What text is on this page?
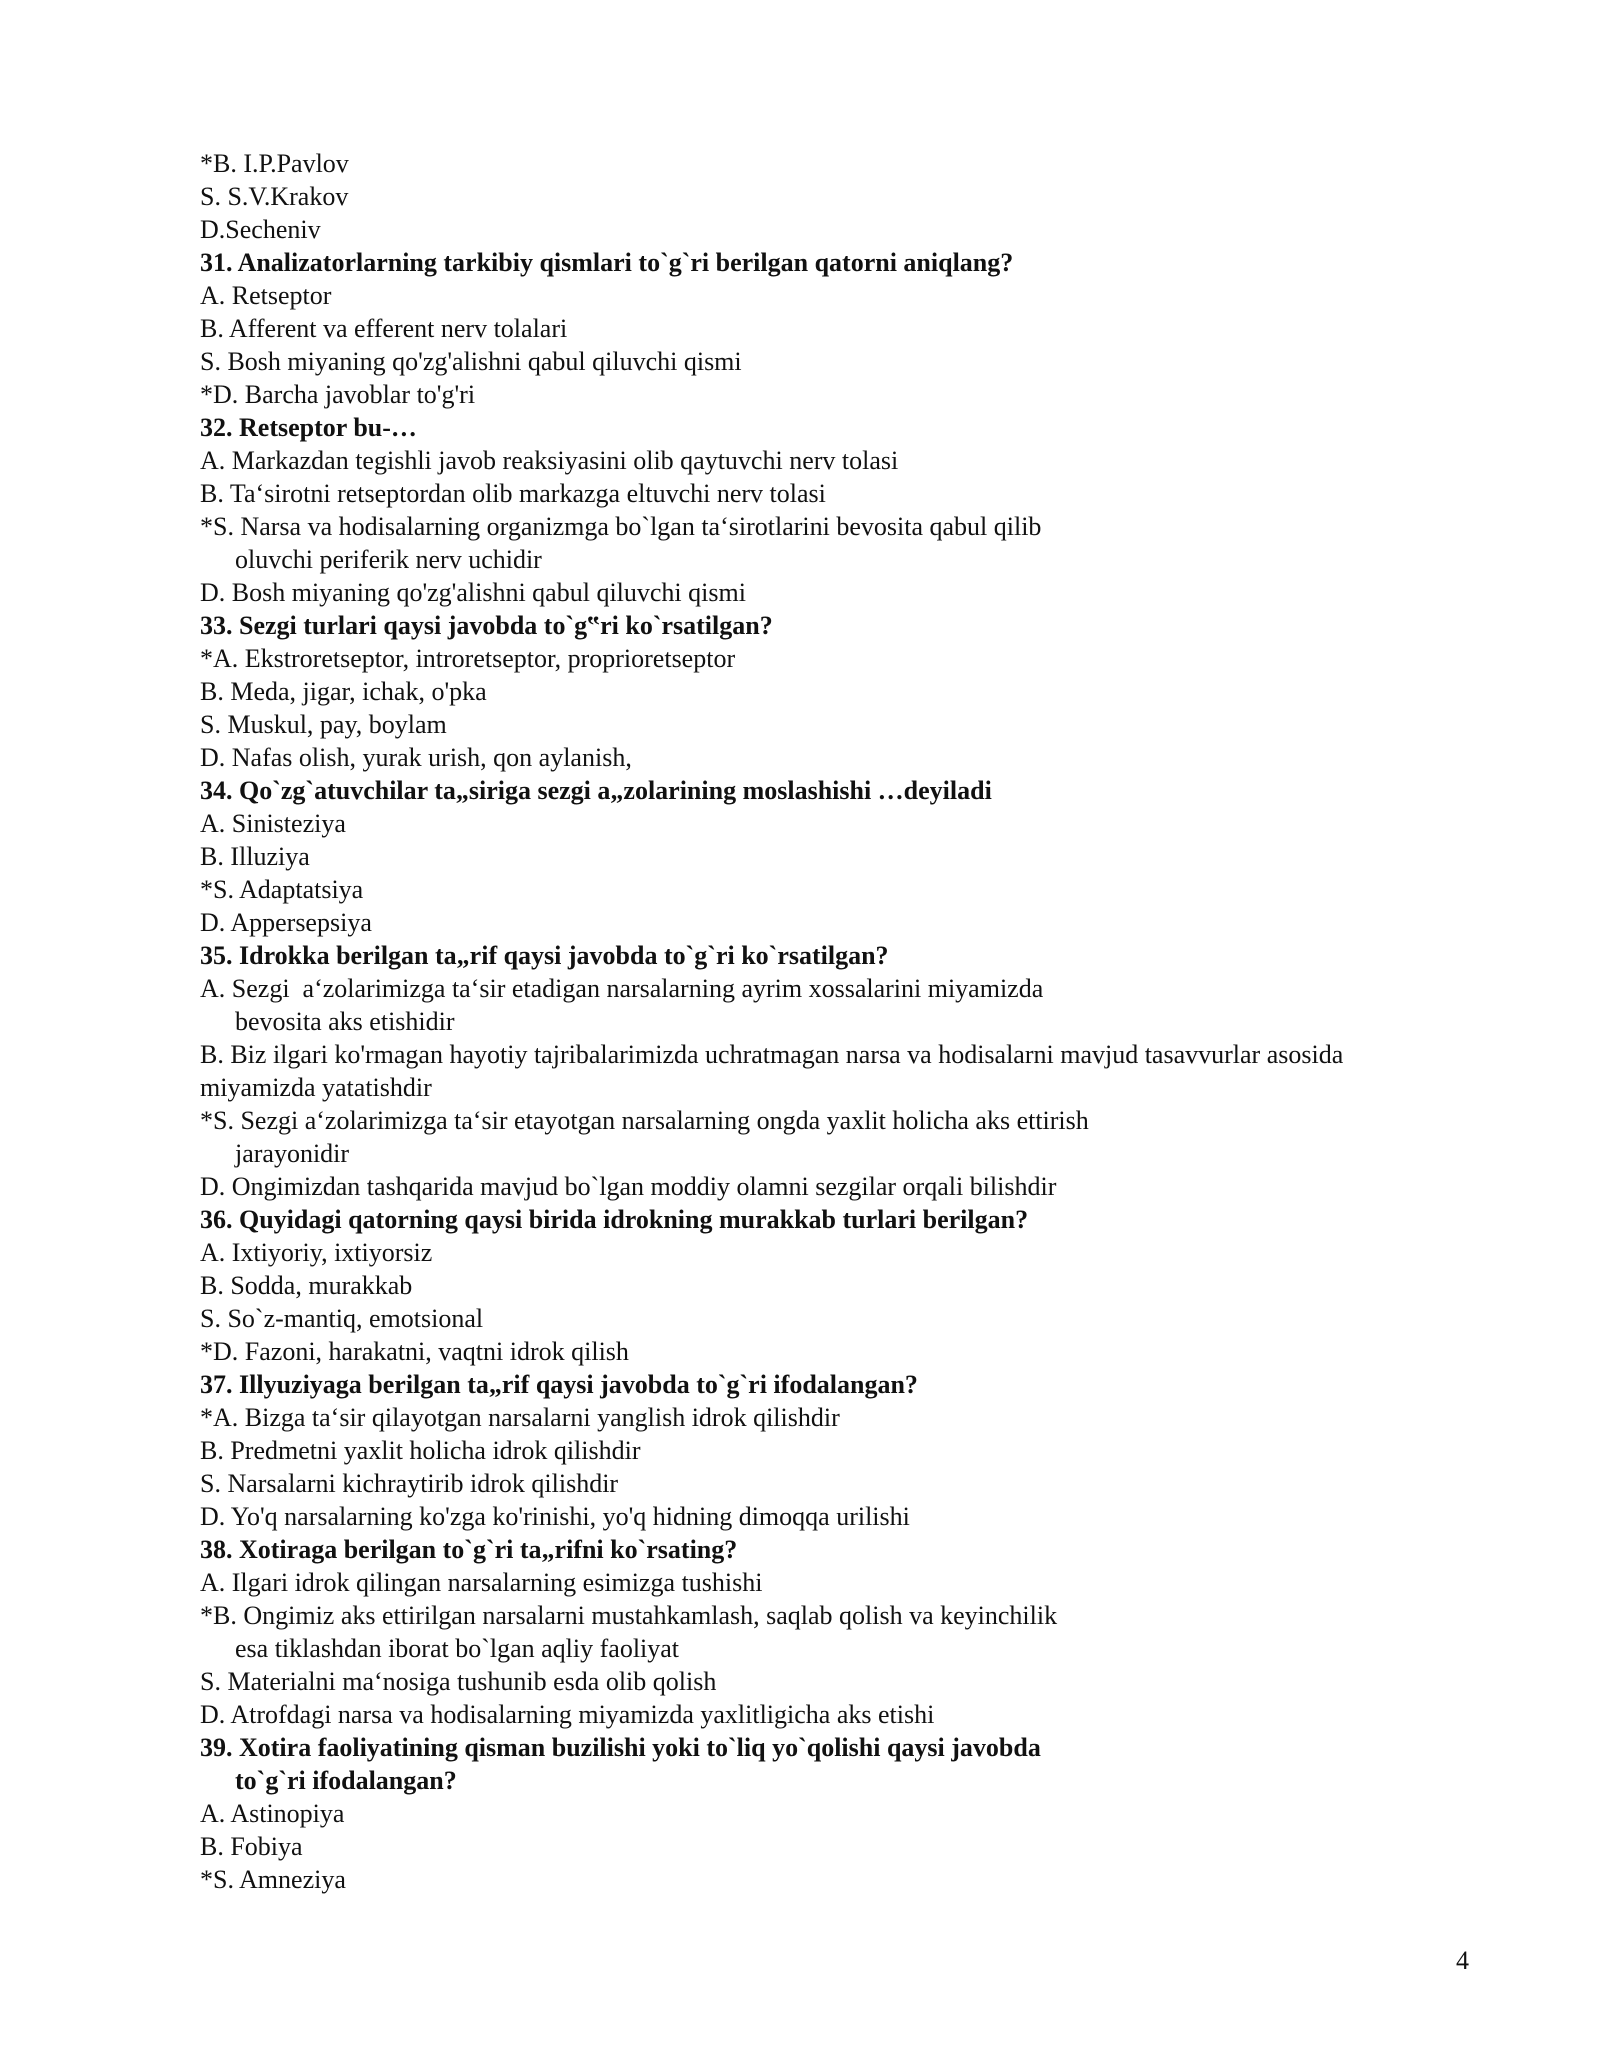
*B. I.P.Pavlov
S. S.V.Krakov
D.Secheniv
31. Analizatorlarning tarkibiy qismlari to`g`ri berilgan qatorni aniqlang?
A. Retseptor
B. Afferent va efferent nerv tolalari
S. Bosh miyaning qo'zg'alishni qabul qiluvchi qismi
*D. Barcha javoblar to'g'ri
32. Retseptor bu-…
A. Markazdan tegishli javob reaksiyasini olib qaytuvchi nerv tolasi
B. Ta‘sirotni retseptordan olib markazga eltuvchi nerv tolasi
*S. Narsa va hodisalarning organizmga bo`lgan ta‘sirotlarini bevosita qabul qilib
oluvchi periferik nerv uchidir
D. Bosh miyaning qo'zg'alishni qabul qiluvchi qismi
33. Sezgi turlari qaysi javobda to`g‟ri ko`rsatilgan?
*A. Ekstroretseptor, introretseptor, proprioretseptor
B. Meda, jigar, ichak, o'pka
S. Muskul, pay, boylam
D. Nafas olish, yurak urish, qon aylanish,
34. Qo`zg`atuvchilar ta„siriga sezgi a„zolarining moslashishi …deyiladi
A. Sinisteziya
B. Illuziya
*S. Adaptatsiya
D. Appersepsiya
35. Idrokka berilgan ta„rif qaysi javobda to`g`ri ko`rsatilgan?
A. Sezgi  a‘zolarimizga ta‘sir etadigan narsalarning ayrim xossalarini miyamizda
bevosita aks etishidir
B. Biz ilgari ko'rmagan hayotiy tajribalarimizda uchratmagan narsa va hodisalarni mavjud tasavvurlar asosida
miyamizda yatatishdir
*S. Sezgi a‘zolarimizga ta‘sir etayotgan narsalarning ongda yaxlit holicha aks ettirish
jarayonidir
D. Ongimizdan tashqarida mavjud bo`lgan moddiy olamni sezgilar orqali bilishdir
36. Quyidagi qatorning qaysi birida idrokning murakkab turlari berilgan?
A. Ixtiyoriy, ixtiyorsiz
B. Sodda, murakkab
S. So`z-mantiq, emotsional
*D. Fazoni, harakatni, vaqtni idrok qilish
37. Illyuziyaga berilgan ta„rif qaysi javobda to`g`ri ifodalangan?
*A. Bizga ta‘sir qilayotgan narsalarni yanglish idrok qilishdir
B. Predmetni yaxlit holicha idrok qilishdir
S. Narsalarni kichraytirib idrok qilishdir
D. Yo'q narsalarning ko'zga ko'rinishi, yo'q hidning dimoqqa urilishi
38. Xotiraga berilgan to`g`ri ta„rifni ko`rsating?
A. Ilgari idrok qilingan narsalarning esimizga tushishi
*B. Ongimiz aks ettirilgan narsalarni mustahkamlash, saqlab qolish va keyinchilik
esa tiklashdan iborat bo`lgan aqliy faoliyat
S. Materialni ma‘nosiga tushunib esda olib qolish
D. Atrofdagi narsa va hodisalarning miyamizda yaxlitligicha aks etishi
39. Xotira faoliyatining qisman buzilishi yoki to`liq yo`qolishi qaysi javobda
to`g`ri ifodalangan?
A. Astinopiya
B. Fobiya
*S. Amneziya
4
